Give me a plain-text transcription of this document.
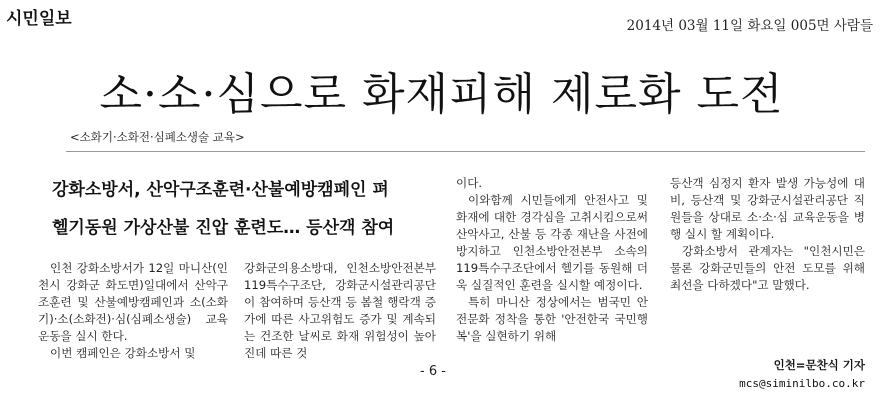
시민일보	2014년 03월 11일 화요일 005면 사람들
소·소·심으로 화재피해 제로화 도전
<소화기·소화전·심폐소생술 교육>
강화소방서, 산악구조훈련·산불예방캠페인 펴
헬기동원 가상산불 진압 훈련도… 등산객 참여

인천 강화소방서가 12일 마니산(인천시 강화군 화도면)일대에서 산악구조훈련 및 산불예방캠페인과 소(소화기)·소(소화전)·심(심폐소생술) 교육운동을 실시 한다.

이번 캠페인은 강화소방서 및

강화군의용소방대, 인천소방안전본부 119특수구조단, 강화군시설관리공단이 참여하며 등산객 등 봄철 행락객 증가에 따른 사고위험도 증가 및 계속되는 건조한 날씨로 화재 위험성이 높아진데 따른 것

이다.

이와함께 시민들에게 안전사고 및 화재에 대한 경각심을 고취시킴으로써 산악사고, 산불 등 각종 재난을 사전에 방지하고 인천소방안전본부 소속의 119특수구조단에서 헬기를 동원해 더욱 실질적인 훈련을 실시할 예정이다.

특히 마니산 정상에서는 범국민 안전문화 정착을 통한 '안전한국 국민행복'을 실현하기 위해

등산객 심정지 환자 발생 가능성에 대비, 등산객 및 강화군시설관리공단 직원들을 상대로 소·소·심 교육운동을 병행 실시 할 계획이다.

강화소방서 관계자는 "인천시민은 물론 강화군민들의 안전 도모를 위해 최선을 다하겠다"고 말했다.

인천=문찬식 기자
mcs@siminilbo.co.kr
- 6 -
